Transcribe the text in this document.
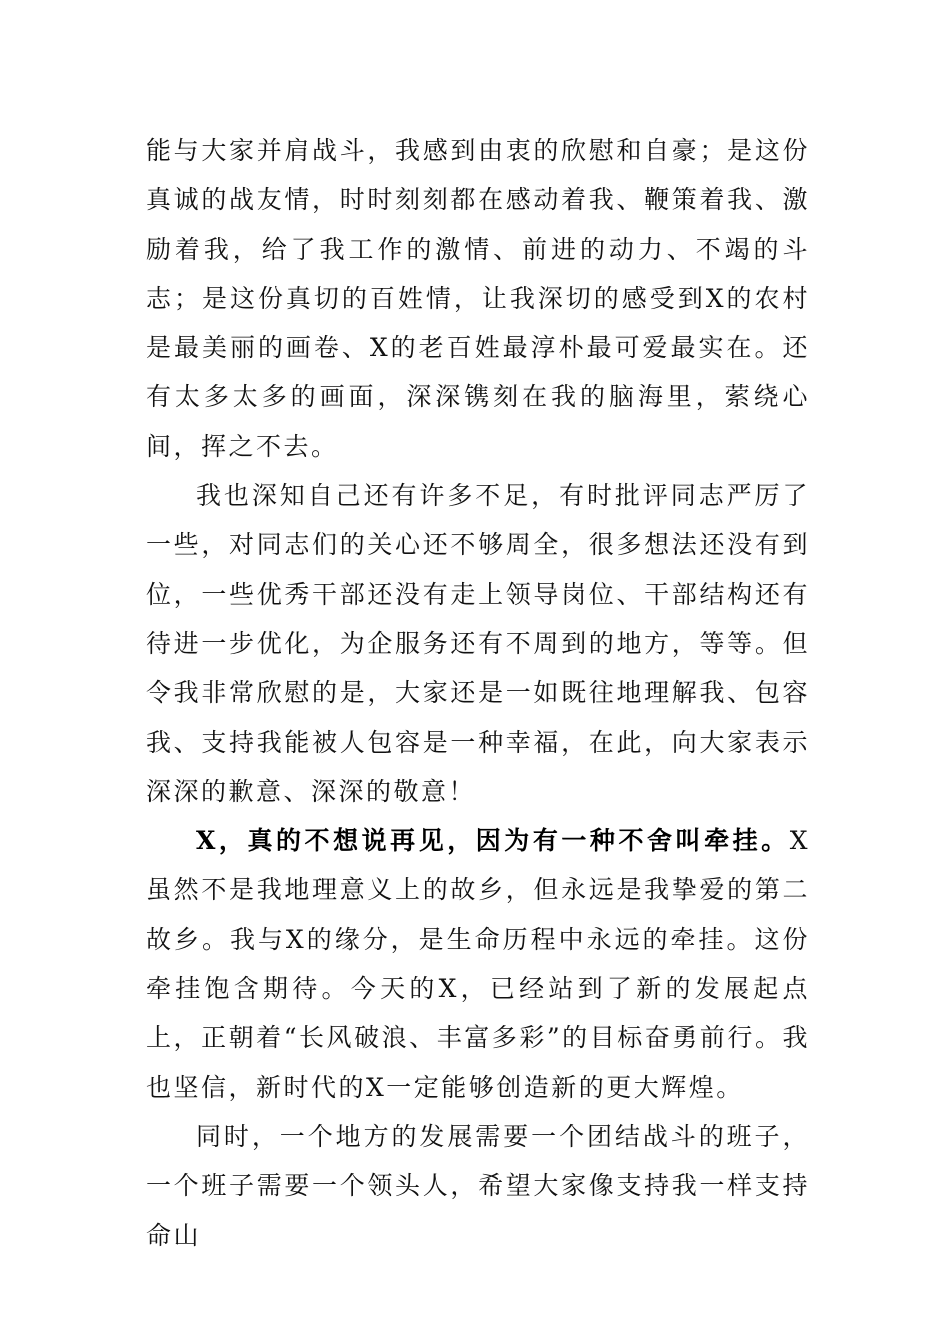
能与大家并肩战斗，我感到由衷的欣慰和自豪；是这份真诚的战友情，时时刻刻都在感动着我、鞭策着我、激励着我，给了我工作的激情、前进的动力、不竭的斗志；是这份真切的百姓情，让我深切的感受到X的农村是最美丽的画卷、X的老百姓最淳朴最可爱最实在。还有太多太多的画面，深深镌刻在我的脑海里，萦绕心间，挥之不去。

我也深知自己还有许多不足，有时批评同志严厉了一些，对同志们的关心还不够周全，很多想法还没有到位，一些优秀干部还没有走上领导岗位、干部结构还有待进一步优化，为企服务还有不周到的地方，等等。但令我非常欣慰的是，大家还是一如既往地理解我、包容我、支持我能被人包容是一种幸福，在此，向大家表示深深的歉意、深深的敬意！

X，真的不想说再见，因为有一种不舍叫牵挂。X虽然不是我地理意义上的故乡，但永远是我挚爱的第二故乡。我与X的缘分，是生命历程中永远的牵挂。这份牵挂饱含期待。今天的X，已经站到了新的发展起点上，正朝着“长风破浪、丰富多彩”的目标奋勇前行。我也坚信，新时代的X一定能够创造新的更大辉煌。

同时，一个地方的发展需要一个团结战斗的班子，一个班子需要一个领头人，希望大家像支持我一样支持命山
